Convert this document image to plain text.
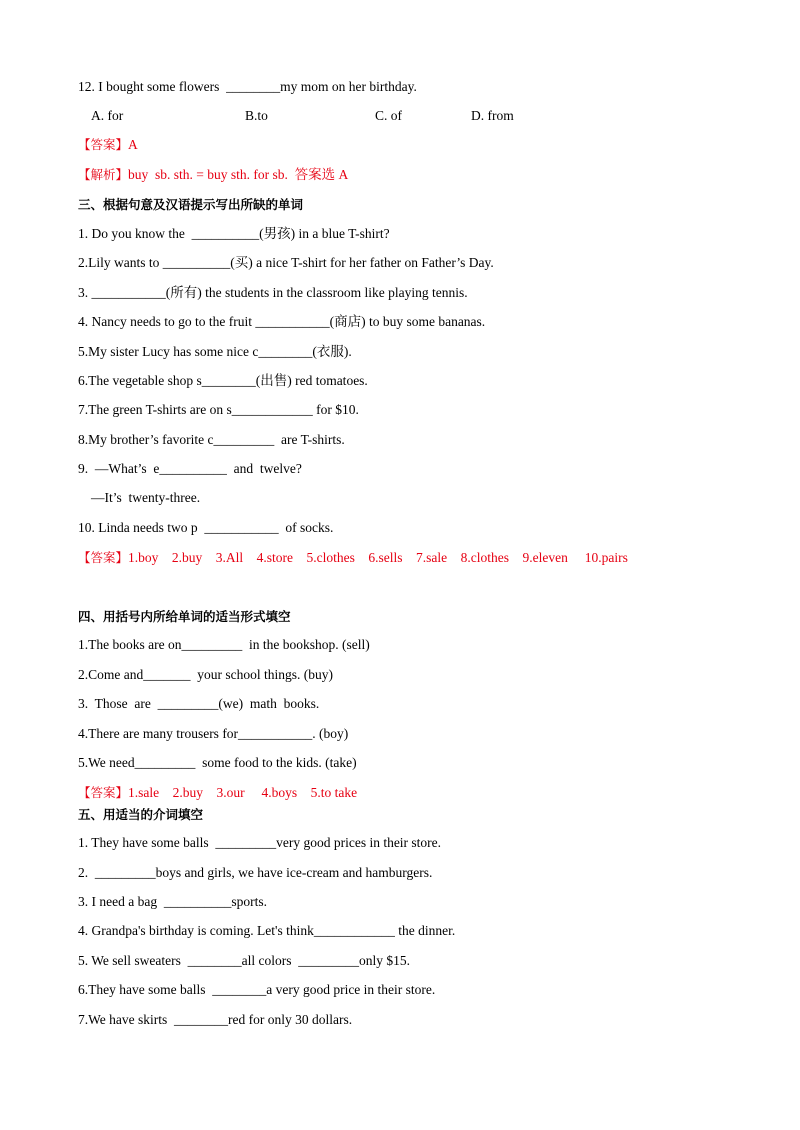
12. I bought some flowers  ________my mom on her birthday.

A. for	B.to	C. of	D. from

【答案】A

【解析】buy  sb. sth. = buy sth. for sb.  答案选 A

三、根据句意及汉语提示写出所缺的单词

1. Do you know the  __________(男孩) in a blue T-shirt?

2.Lily wants to __________(买) a nice T-shirt for her father on Father’s Day.

3. ___________(所有) the students in the classroom like playing tennis.

4. Nancy needs to go to the fruit ___________(商店) to buy some bananas.

5.My sister Lucy has some nice c________(衣服).

6.The vegetable shop s________(出售) red tomatoes.

7.The green T-shirts are on s____________ for $10.

8.My brother’s favorite c_________  are T-shirts.

9.  —What’s  e__________  and  twelve?

—It’s  twenty-three.

10. Linda needs two p  ___________  of socks.

【答案】1.boy    2.buy    3.All    4.store    5.clothes    6.sells    7.sale    8.clothes    9.eleven     10.pairs

四、用括号内所给单词的适当形式填空

1.The books are on_________  in the bookshop. (sell)

2.Come and_______  your school things. (buy)

3.  Those  are  _________(we)  math  books.

4.There are many trousers for___________. (boy)

5.We need_________  some food to the kids. (take)

【答案】1.sale    2.buy    3.our     4.boys    5.to take

五、用适当的介词填空

1. They have some balls  _________very good prices in their store.

2.  _________boys and girls, we have ice-cream and hamburgers.

3. I need a bag  __________sports.

4. Grandpa's birthday is coming. Let's think____________ the dinner.

5. We sell sweaters  ________all colors  _________only $15.

6.They have some balls  ________a very good price in their store.

7.We have skirts  ________red for only 30 dollars.
